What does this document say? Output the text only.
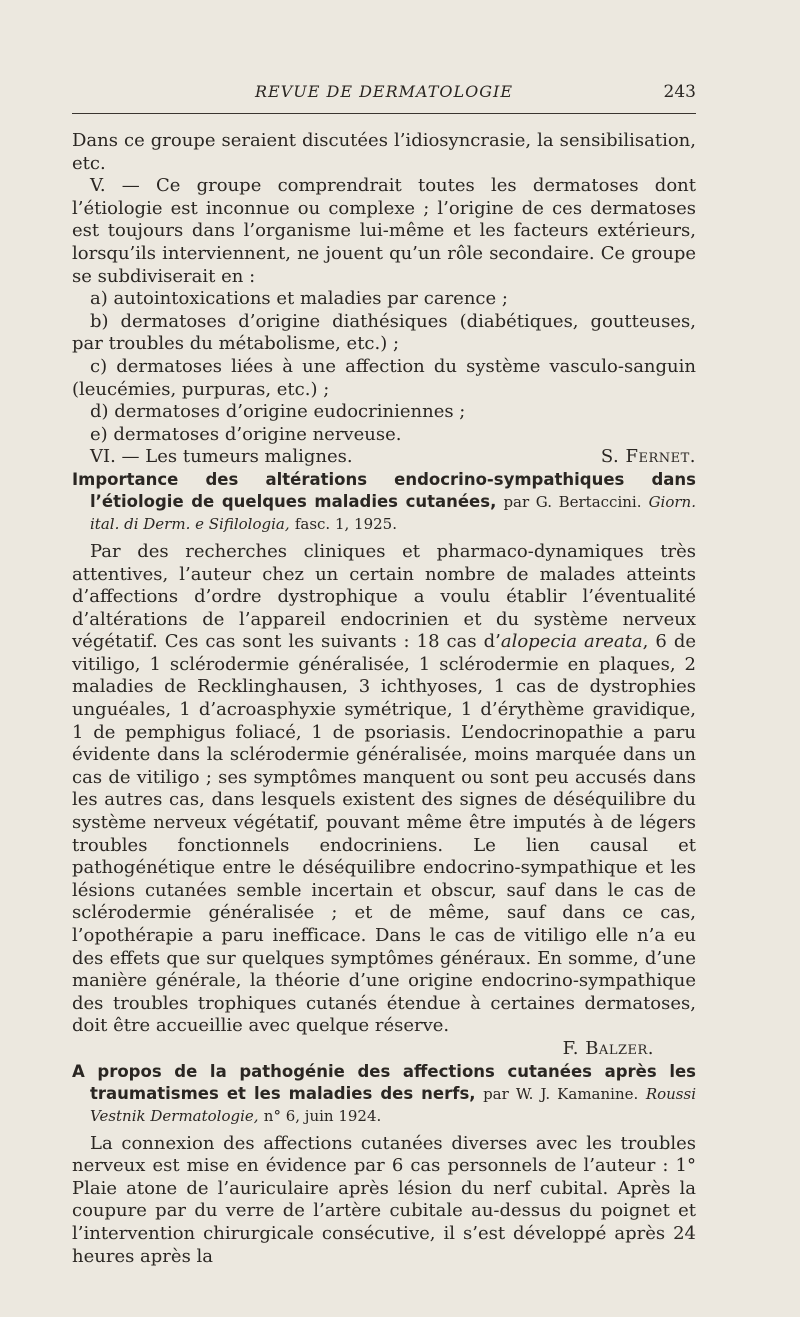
REVUE DE DERMATOLOGIE	243

Dans ce groupe seraient discutées l’idiosyncrasie, la sensibilisation, etc.

V. — Ce groupe comprendrait toutes les dermatoses dont l’étiologie est inconnue ou complexe ; l’origine de ces dermatoses est toujours dans l’organisme lui-même et les facteurs extérieurs, lorsqu’ils interviennent, ne jouent qu’un rôle secondaire. Ce groupe se subdiviserait en :

a) autointoxications et maladies par carence ;

b) dermatoses d’origine diathésiques (diabétiques, goutteuses, par troubles du métabolisme, etc.) ;

c) dermatoses liées à une affection du système vasculo-sanguin (leucémies, purpuras, etc.) ;

d) dermatoses d’origine eudocriniennes ;

e) dermatoses d’origine nerveuse.

VI. — Les tumeurs malignes.	S. Fernet.

Importance des altérations endocrino-sympathiques dans l’étiologie de quelques maladies cutanées, par G. Bertaccini. Giorn. ital. di Derm. e Sifilologia, fasc. 1, 1925.

Par des recherches cliniques et pharmaco-dynamiques très attentives, l’auteur chez un certain nombre de malades atteints d’affections d’ordre dystrophique a voulu établir l’éventualité d’altérations de l’appareil endocrinien et du système nerveux végétatif. Ces cas sont les suivants : 18 cas d’alopecia areata, 6 de vitiligo, 1 sclérodermie généralisée, 1 sclérodermie en plaques, 2 maladies de Recklinghausen, 3 ichthyoses, 1 cas de dystrophies unguéales, 1 d’acroasphyxie symétrique, 1 d’érythème gravidique, 1 de pemphigus foliacé, 1 de psoriasis. L’endocrinopathie a paru évidente dans la sclérodermie généralisée, moins marquée dans un cas de vitiligo ; ses symptômes manquent ou sont peu accusés dans les autres cas, dans lesquels existent des signes de déséquilibre du système nerveux végétatif, pouvant même être imputés à de légers troubles fonctionnels endocriniens. Le lien causal et pathogénétique entre le déséquilibre endocrino-sympathique et les lésions cutanées semble incertain et obscur, sauf dans le cas de sclérodermie généralisée ; et de même, sauf dans ce cas, l’opothérapie a paru inefficace. Dans le cas de vitiligo elle n’a eu des effets que sur quelques symptômes généraux. En somme, d’une manière générale, la théorie d’une origine endocrino-sympathique des troubles trophiques cutanés étendue à certaines dermatoses, doit être accueillie avec quelque réserve.

F. Balzer.

A propos de la pathogénie des affections cutanées après les traumatismes et les maladies des nerfs, par W. J. Kamanine. Roussi Vestnik Dermatologie, n° 6, juin 1924.

La connexion des affections cutanées diverses avec les troubles nerveux est mise en évidence par 6 cas personnels de l’auteur : 1° Plaie atone de l’auriculaire après lésion du nerf cubital. Après la coupure par du verre de l’artère cubitale au-dessus du poignet et l’intervention chirurgicale consécutive, il s’est développé après 24 heures après la
